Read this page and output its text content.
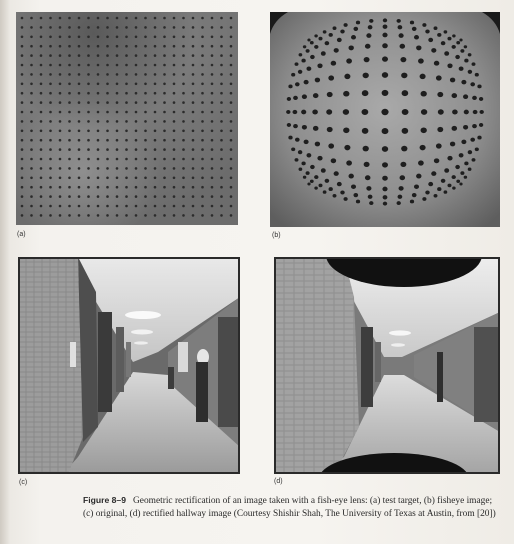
(a)	(b)
(c)	(d)
Figure 8–9 Geometric rectification of an image taken with a fish-eye lens: (a) test target, (b) fisheye image; (c) original, (d) rectified hallway image (Courtesy Shishir Shah, The University of Texas at Austin, from [20])
